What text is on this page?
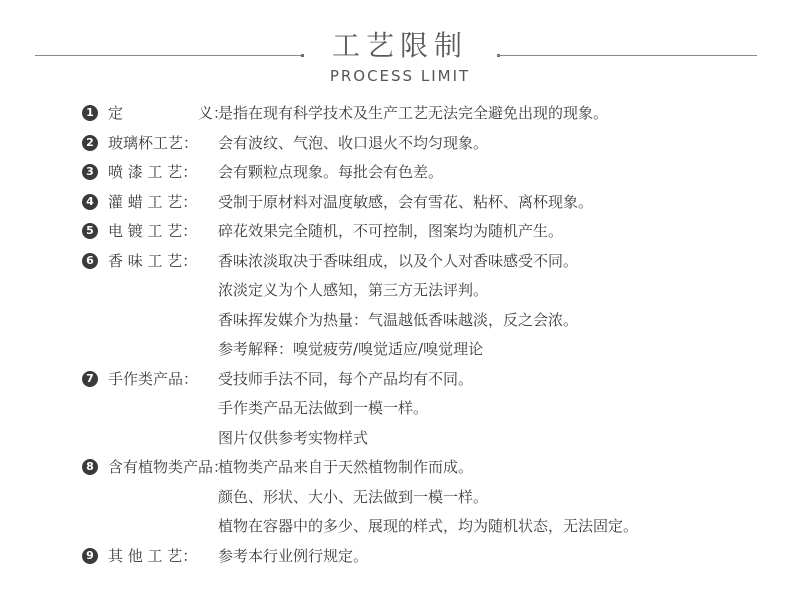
工艺限制
PROCESS LIMIT
1 定　　　　　义：
是指在现有科学技术及生产工艺无法完全避免出现的现象。
2 玻璃杯工艺： 会有波纹、气泡、收口退火不均匀现象。
3 喷 漆 工 艺： 会有颗粒点现象。每批会有色差。
4 灌 蜡 工 艺： 受制于原材料对温度敏感，会有雪花、粘杯、离杯现象。
5 电 镀 工 艺： 碎花效果完全随机，不可控制，图案均为随机产生。
6 香 味 工 艺： 香味浓淡取决于香味组成，以及个人对香味感受不同。
浓淡定义为个人感知，第三方无法评判。
香味挥发媒介为热量：气温越低香味越淡，反之会浓。
参考解释：嗅觉疲劳/嗅觉适应/嗅觉理论
7 手作类产品： 受技师手法不同，每个产品均有不同。
手作类产品无法做到一模一样。
图片仅供参考实物样式
8 含有植物类产品：
植物类产品来自于天然植物制作而成。
颜色、形状、大小、无法做到一模一样。
植物在容器中的多少、展现的样式，均为随机状态，无法固定。
9 其 他 工 艺： 参考本行业例行规定。
